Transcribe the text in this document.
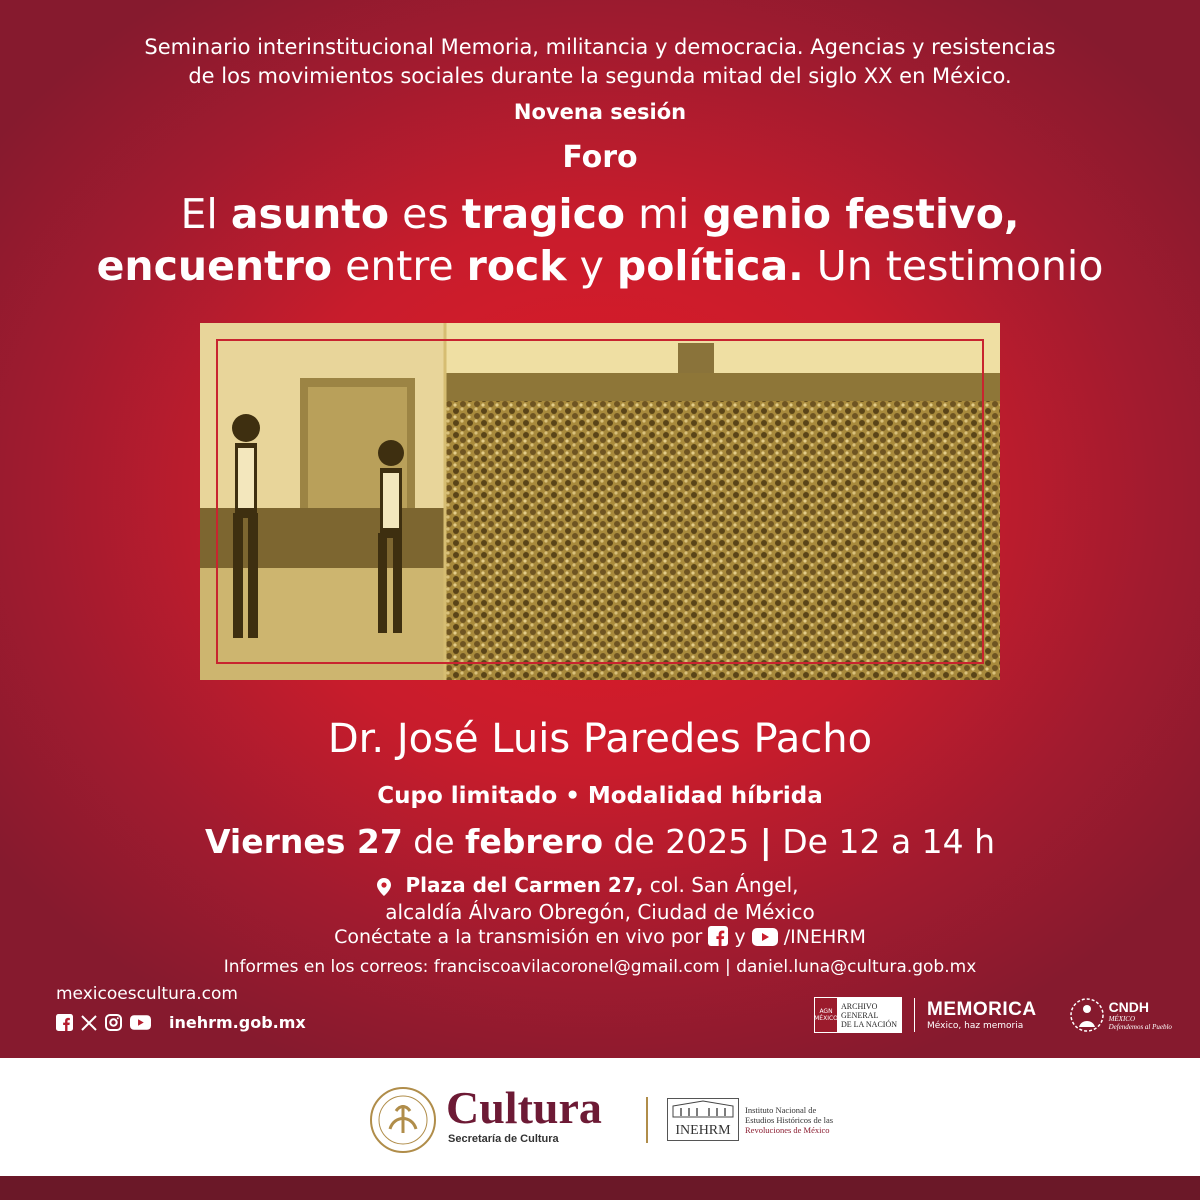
Seminario interinstitucional Memoria, militancia y democracia. Agencias y resistencias
de los movimientos sociales durante la segunda mitad del siglo XX en México.
Novena sesión
Foro
El asunto es tragico mi genio festivo,
encuentro entre rock y política. Un testimonio
Dr. José Luis Paredes Pacho
Cupo limitado • Modalidad híbrida
Viernes 27 de febrero de 2025 | De 12 a 14 h
Plaza del Carmen 27, col. San Ángel,
alcaldía Álvaro Obregón, Ciudad de México
Conéctate a la transmisión en vivo por  y  /INEHRM
Informes en los correos: franciscoavilacoronel@gmail.com | daniel.luna@cultura.gob.mx
mexicoescultura.com
inehrm.gob.mx
AGN MÉXICO
ARCHIVO
GENERAL
DE LA NACIÓN
MEMORICA
México, haz memoria
CNDH
MÉXICO
Defendemos al Pueblo
Cultura
Secretaría de Cultura
INEHRM
Instituto Nacional de
Estudios Históricos de las
Revoluciones de México
